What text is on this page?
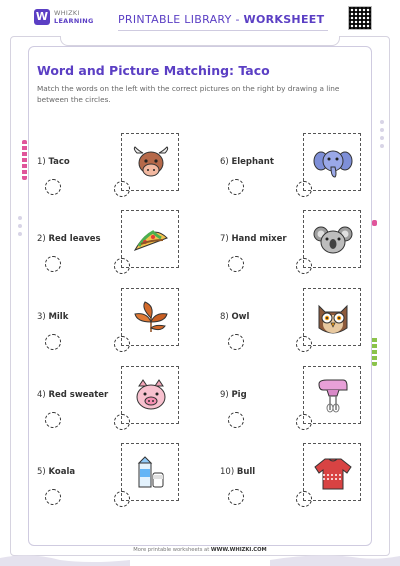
W WHIZKI
LEARNING PRINTABLE LIBRARY - WORKSHEET
Word and Picture Matching: Taco
Match the words on the left with the correct pictures on the right by drawing a line between the circles.
1) Taco
2) Red leaves
3) Milk
4) Red sweater
5) Koala
6) Elephant
7) Hand mixer
8) Owl
9) Pig
10) Bull
More printable worksheets at WWW.WHIZKI.COM
